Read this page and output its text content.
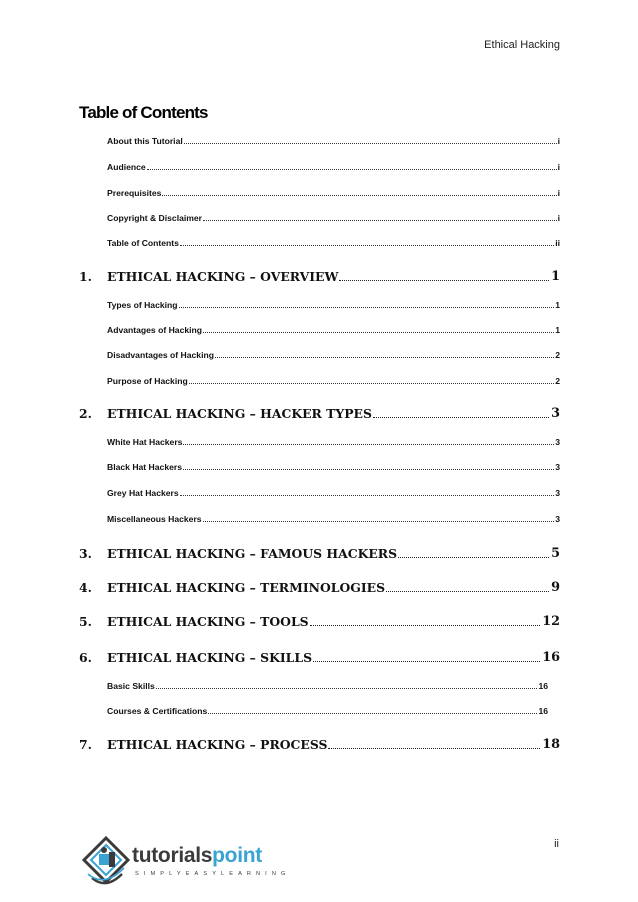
Ethical Hacking
Table of Contents
About this Tutorial	i
Audience	i
Prerequisites	i
Copyright & Disclaimer	i
Table of Contents	ii
1.	ETHICAL HACKING – OVERVIEW	1
Types of Hacking	1
Advantages of Hacking	1
Disadvantages of Hacking	2
Purpose of Hacking	2
2.	ETHICAL HACKING – HACKER TYPES	3
White Hat Hackers	3
Black Hat Hackers	3
Grey Hat Hackers	3
Miscellaneous Hackers	3
3.	ETHICAL HACKING – FAMOUS HACKERS	5
4.	ETHICAL HACKING – TERMINOLOGIES	9
5.	ETHICAL HACKING – TOOLS	12
6.	ETHICAL HACKING – SKILLS	16
Basic Skills	16
Courses & Certifications	16
7.	ETHICAL HACKING – PROCESS	18
ii
tutorialspoint
SIMPLYEASYLEARNING
